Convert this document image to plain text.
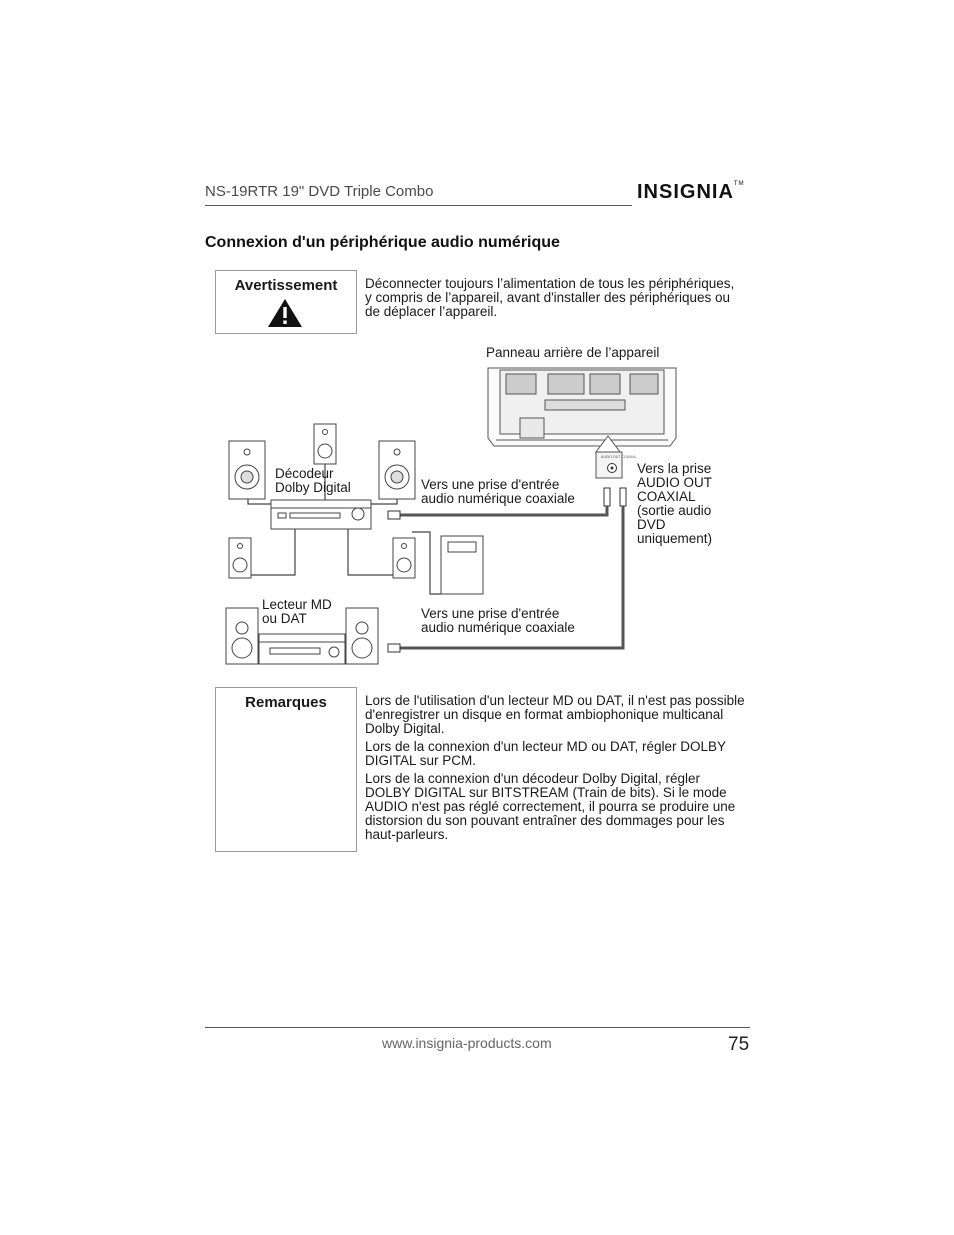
NS-19RTR 19" DVD Triple Combo	INSIGNIA™
Connexion d'un périphérique audio numérique
Avertissement	Déconnecter toujours l’alimentation de tous les périphériques, y compris de l’appareil, avant d'installer des périphériques ou de déplacer l’appareil.
AUDIO OUT COAXIAL
Panneau arrière de l’appareil
Décodeur Dolby Digital	Vers une prise d'entrée audio numérique coaxiale
Vers la prise AUDIO OUT COAXIAL (sortie audio DVD uniquement)
Lecteur MD ou DAT	Vers une prise d'entrée audio numérique coaxiale
Remarques	Lors de l'utilisation d'un lecteur MD ou DAT, il n'est pas possible d'enregistrer un disque en format ambiophonique multicanal Dolby Digital.

Lors de la connexion d'un lecteur MD ou DAT, régler DOLBY DIGITAL sur PCM.

Lors de la connexion d'un décodeur Dolby Digital, régler DOLBY DIGITAL sur BITSTREAM (Train de bits). Si le mode AUDIO n'est pas réglé correctement, il pourra se produire une distorsion du son pouvant entraîner des dommages pour les haut-parleurs.

www.insignia-products.com	75
